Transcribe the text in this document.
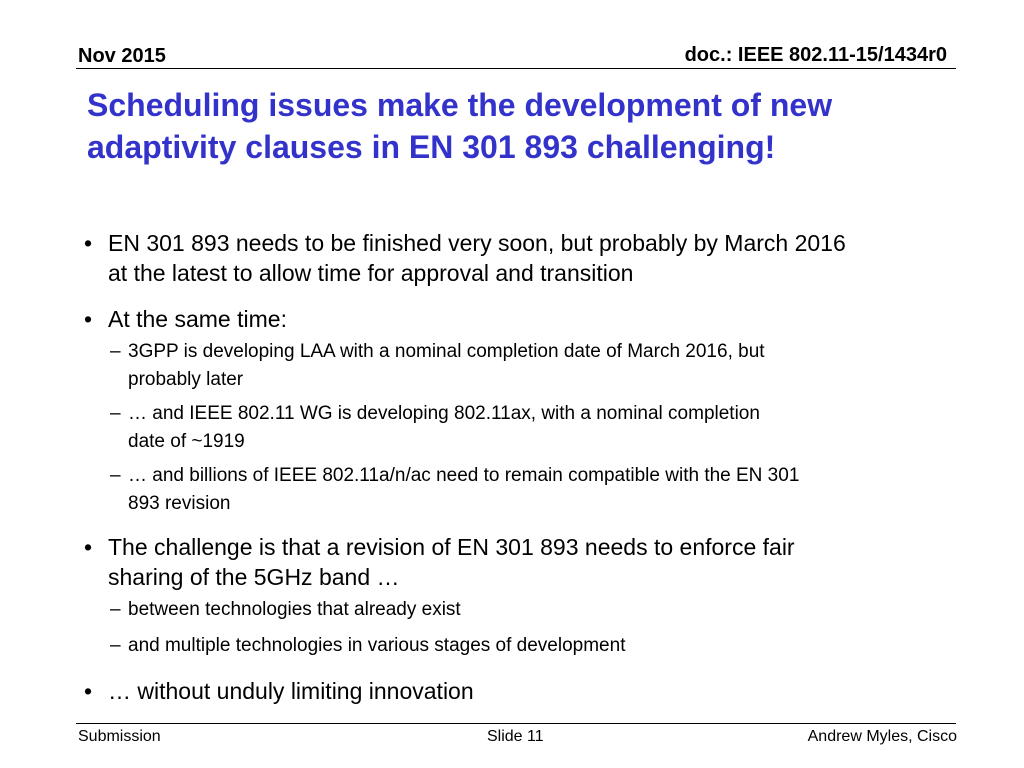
Nov 2015	doc.: IEEE 802.11-15/1434r0
Scheduling issues make the development of new
adaptivity clauses in EN 301 893 challenging!
• EN 301 893 needs to be finished very soon, but probably by March 2016
at the latest to allow time for approval and transition
• At the same time:
– 3GPP is developing LAA with a nominal completion date of March 2016, but
probably later
– … and IEEE 802.11 WG is developing 802.11ax, with a nominal completion
date of ~1919
– … and billions of IEEE 802.11a/n/ac need to remain compatible with the EN 301
893 revision
• The challenge is that a revision of EN 301 893 needs to enforce fair
sharing of the 5GHz band …
– between technologies that already exist
– and multiple technologies in various stages of development
• … without unduly limiting innovation
Submission	Slide 11	Andrew Myles, Cisco
